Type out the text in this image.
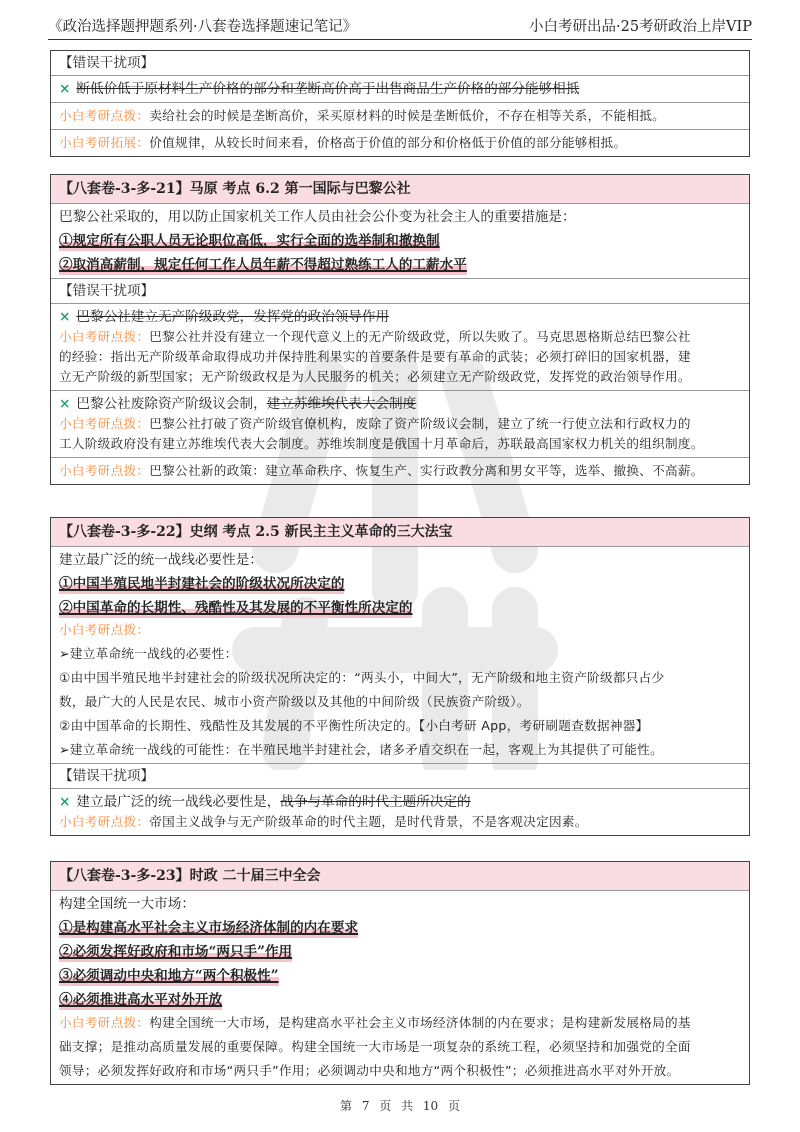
《政治选择题押题系列·八套卷选择题速记笔记》	小白考研出品·25考研政治上岸VIP
【错误干扰项】
× 断低价低于原材料生产价格的部分和垄断高价高于出售商品生产价格的部分能够相抵
小白考研点拨：卖给社会的时候是垄断高价，采买原材料的时候是垄断低价，不存在相等关系，不能相抵。
小白考研拓展：价值规律，从较长时间来看，价格高于价值的部分和价格低于价值的部分能够相抵。
【八套卷-3-多-21】马原 考点 6.2 第一国际与巴黎公社
巴黎公社采取的，用以防止国家机关工作人员由社会公仆变为社会主人的重要措施是：
①规定所有公职人员无论职位高低，实行全面的选举制和撤换制
②取消高薪制，规定任何工作人员年薪不得超过熟练工人的工薪水平
【错误干扰项】
× 巴黎公社建立无产阶级政党，发挥党的政治领导作用
小白考研点拨：巴黎公社并没有建立一个现代意义上的无产阶级政党，所以失败了。马克思恩格斯总结巴黎公社
的经验：指出无产阶级革命取得成功并保持胜利果实的首要条件是要有革命的武装；必须打碎旧的国家机器，建
立无产阶级的新型国家；无产阶级政权是为人民服务的机关；必须建立无产阶级政党，发挥党的政治领导作用。
× 巴黎公社废除资产阶级议会制，建立苏维埃代表大会制度
小白考研点拨：巴黎公社打破了资产阶级官僚机构，废除了资产阶级议会制，建立了统一行使立法和行政权力的
工人阶级政府没有建立苏维埃代表大会制度。苏维埃制度是俄国十月革命后，苏联最高国家权力机关的组织制度。
小白考研点拨：巴黎公社新的政策：建立革命秩序、恢复生产、实行政教分离和男女平等，选举、撤换、不高薪。
【八套卷-3-多-22】史纲 考点 2.5 新民主主义革命的三大法宝
建立最广泛的统一战线必要性是：
①中国半殖民地半封建社会的阶级状况所决定的
②中国革命的长期性、残酷性及其发展的不平衡性所决定的
小白考研点拨：
➢建立革命统一战线的必要性：
①由中国半殖民地半封建社会的阶级状况所决定的：“两头小，中间大”，无产阶级和地主资产阶级都只占少
数，最广大的人民是农民、城市小资产阶级以及其他的中间阶级（民族资产阶级）。
②由中国革命的长期性、残酷性及其发展的不平衡性所决定的。【小白考研 App，考研刷题查数据神器】
➢建立革命统一战线的可能性：在半殖民地半封建社会，诸多矛盾交织在一起，客观上为其提供了可能性。
【错误干扰项】
× 建立最广泛的统一战线必要性是，战争与革命的时代主题所决定的
小白考研点拨：帝国主义战争与无产阶级革命的时代主题，是时代背景，不是客观决定因素。
【八套卷-3-多-23】时政 二十届三中全会
构建全国统一大市场：
①是构建高水平社会主义市场经济体制的内在要求
②必须发挥好政府和市场“两只手”作用
③必须调动中央和地方“两个积极性”
④必须推进高水平对外开放
小白考研点拨：构建全国统一大市场，是构建高水平社会主义市场经济体制的内在要求；是构建新发展格局的基
础支撑；是推动高质量发展的重要保障。构建全国统一大市场是一项复杂的系统工程，必须坚持和加强党的全面
领导；必须发挥好政府和市场“两只手”作用；必须调动中央和地方“两个积极性”；必须推进高水平对外开放。
第 7 页 共 10 页
